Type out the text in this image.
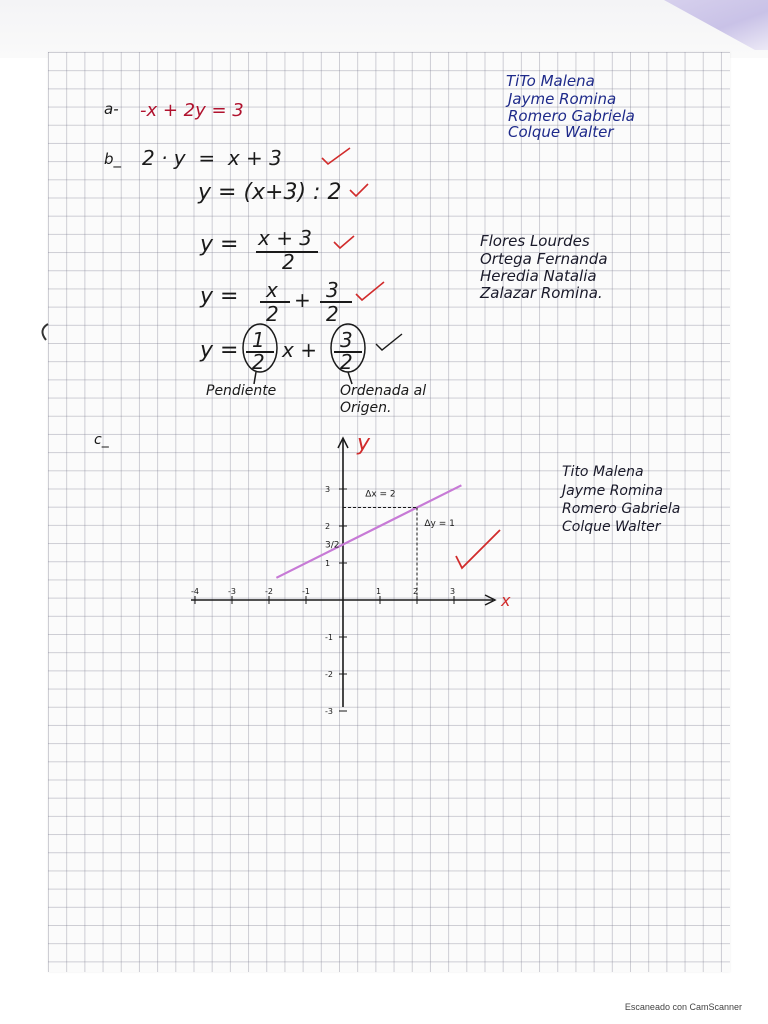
a- -x + 2y = 3
b_ 2 · y  =  x + 3
y = (x+3) : 2
y = x + 3
2
y = x
2
+ 3
2
y = 1
2 x + 3
2
Pendiente	Ordenada al
Origen.
c_
TiTo Malena
Jayme Romina
Romero Gabriela
Colque Walter
Flores Lourdes
Ortega Fernanda
Heredia Natalia
Zalazar Romina.
Tito Malena
Jayme Romina
Romero Gabriela
Colque Walter
x
y
-4	-3	-2	-1	1	2	3
3
2
1
-1
-2
-3
Δx = 2
Δy = 1
3/2
Escaneado con CamScanner
